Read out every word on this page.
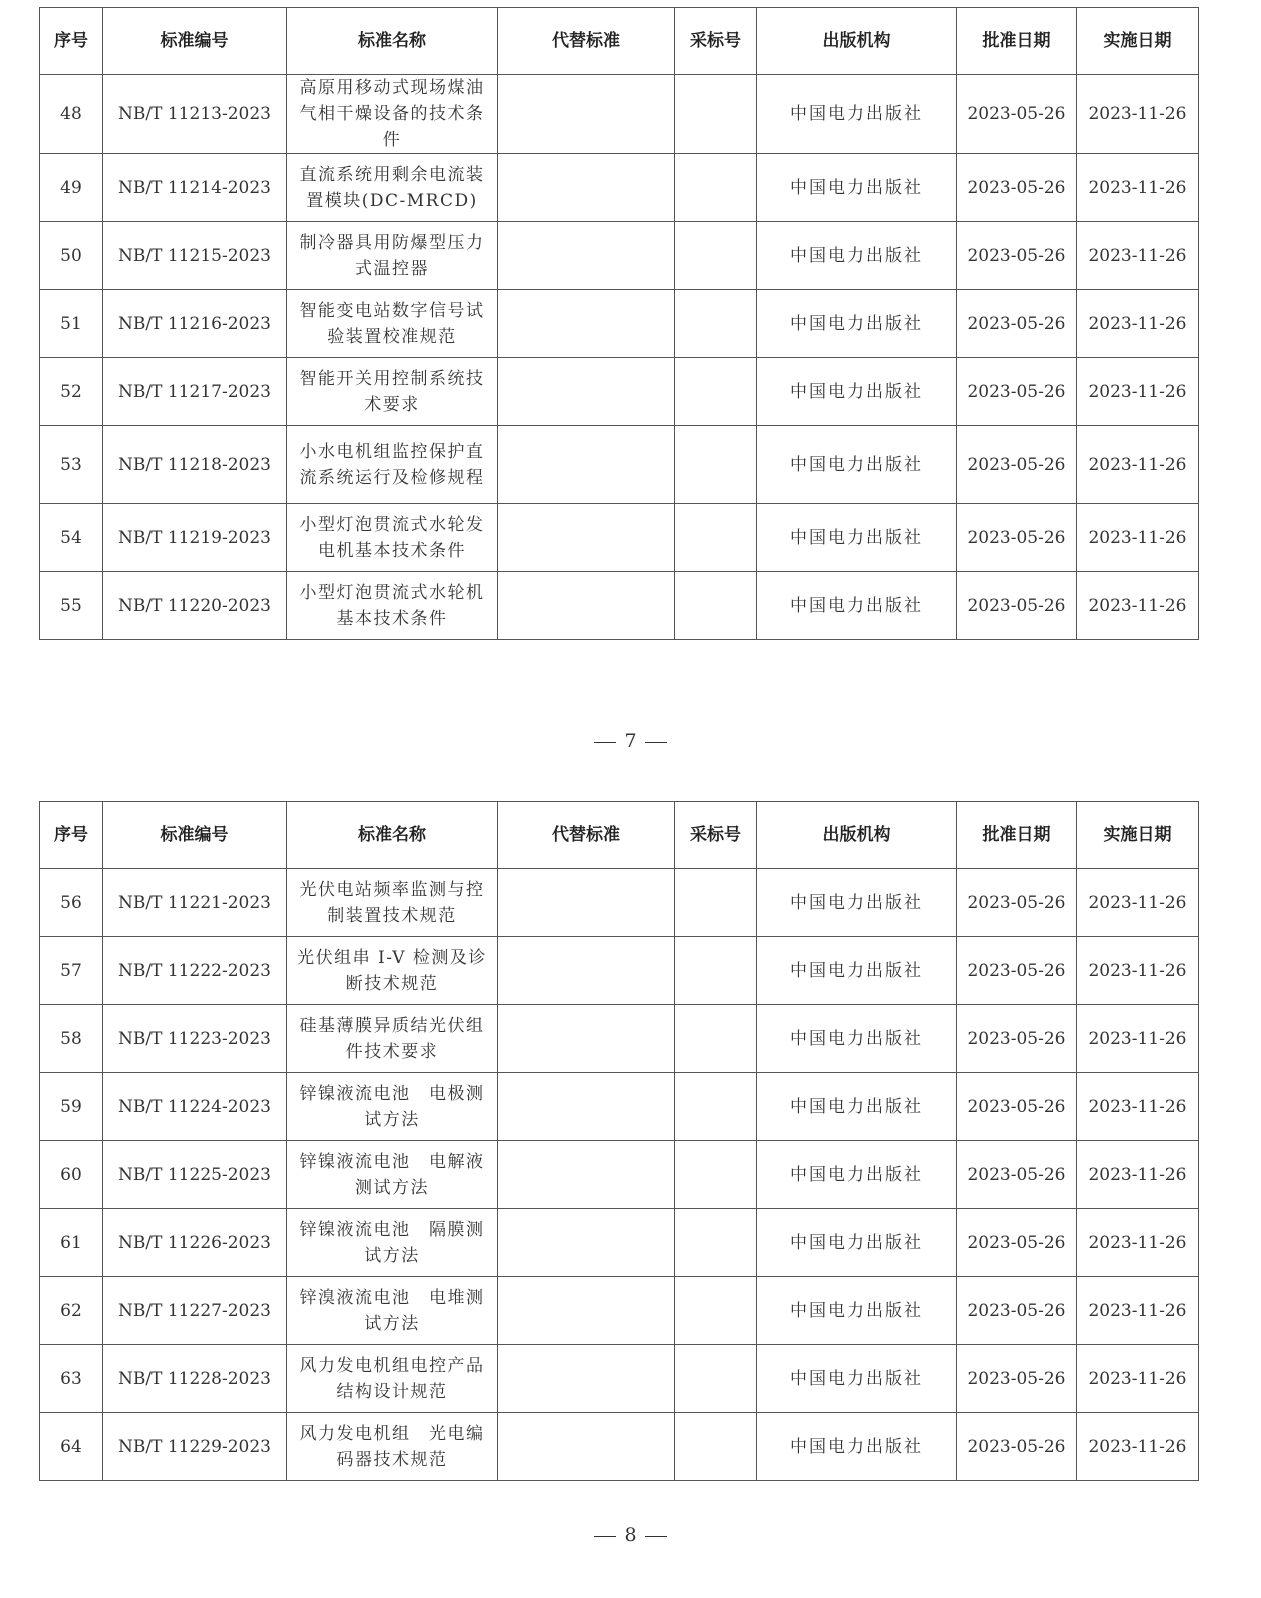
序号	标准编号	标准名称	代替标准	采标号	出版机构	批准日期	实施日期
48	NB/T 11213-2023	高原用移动式现场煤油气相干燥设备的技术条件			中国电力出版社	2023-05-26	2023-11-26
49	NB/T 11214-2023	直流系统用剩余电流装置模块(DC-MRCD)			中国电力出版社	2023-05-26	2023-11-26
50	NB/T 11215-2023	制冷器具用防爆型压力式温控器			中国电力出版社	2023-05-26	2023-11-26
51	NB/T 11216-2023	智能变电站数字信号试验装置校准规范			中国电力出版社	2023-05-26	2023-11-26
52	NB/T 11217-2023	智能开关用控制系统技术要求			中国电力出版社	2023-05-26	2023-11-26
53	NB/T 11218-2023	小水电机组监控保护直流系统运行及检修规程			中国电力出版社	2023-05-26	2023-11-26
54	NB/T 11219-2023	小型灯泡贯流式水轮发电机基本技术条件			中国电力出版社	2023-05-26	2023-11-26
55	NB/T 11220-2023	小型灯泡贯流式水轮机基本技术条件			中国电力出版社	2023-05-26	2023-11-26
7
序号	标准编号	标准名称	代替标准	采标号	出版机构	批准日期	实施日期
56	NB/T 11221-2023	光伏电站频率监测与控制装置技术规范			中国电力出版社	2023-05-26	2023-11-26
57	NB/T 11222-2023	光伏组串 I-V 检测及诊断技术规范			中国电力出版社	2023-05-26	2023-11-26
58	NB/T 11223-2023	硅基薄膜异质结光伏组件技术要求			中国电力出版社	2023-05-26	2023-11-26
59	NB/T 11224-2023	锌镍液流电池　电极测试方法			中国电力出版社	2023-05-26	2023-11-26
60	NB/T 11225-2023	锌镍液流电池　电解液测试方法			中国电力出版社	2023-05-26	2023-11-26
61	NB/T 11226-2023	锌镍液流电池　隔膜测试方法			中国电力出版社	2023-05-26	2023-11-26
62	NB/T 11227-2023	锌溴液流电池　电堆测试方法			中国电力出版社	2023-05-26	2023-11-26
63	NB/T 11228-2023	风力发电机组电控产品结构设计规范			中国电力出版社	2023-05-26	2023-11-26
64	NB/T 11229-2023	风力发电机组　光电编码器技术规范			中国电力出版社	2023-05-26	2023-11-26
8
